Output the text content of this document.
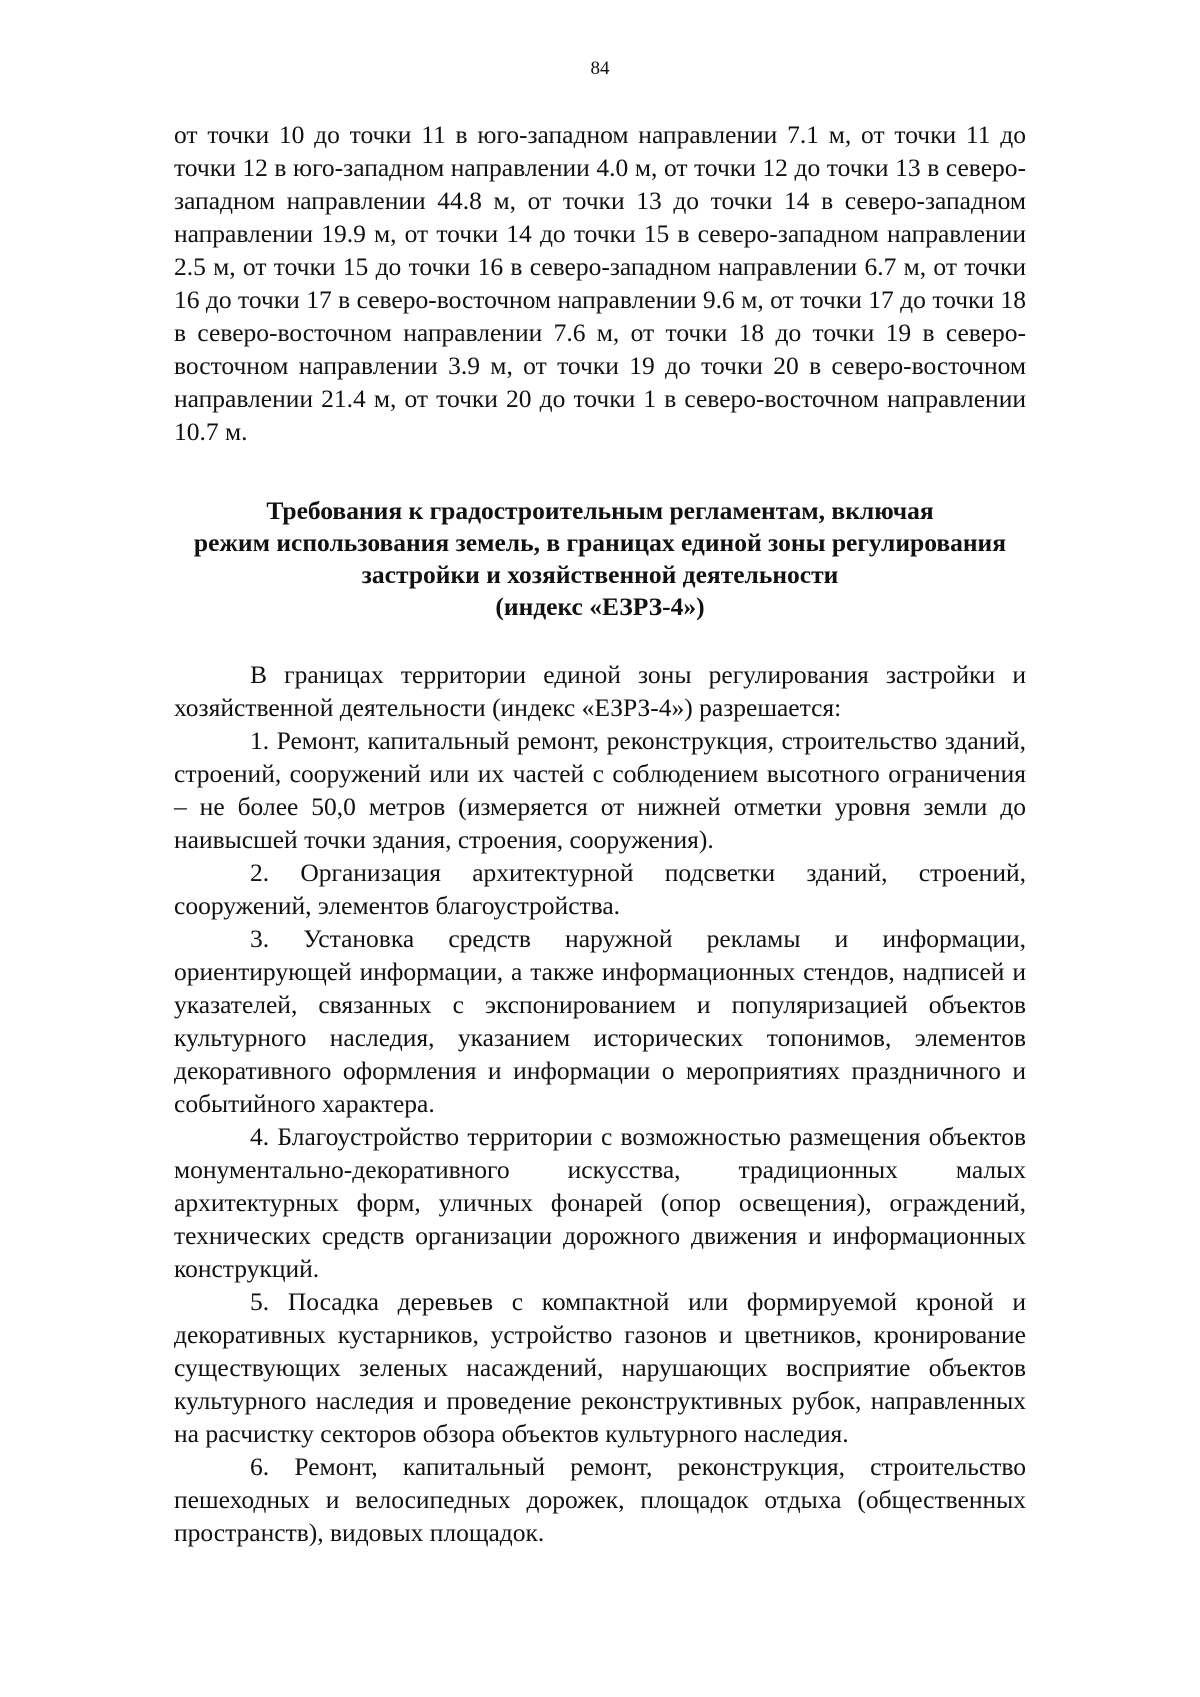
84

от точки 10 до точки 11 в юго-западном направлении 7.1 м, от точки 11 до точки 12 в юго-западном направлении 4.0 м, от точки 12 до точки 13 в северо-западном направлении 44.8 м, от точки 13 до точки 14 в северо-западном направлении 19.9 м, от точки 14 до точки 15 в северо-западном направлении 2.5 м, от точки 15 до точки 16 в северо-западном направлении 6.7 м, от точки 16 до точки 17 в северо-восточном направлении 9.6 м, от точки 17 до точки 18 в северо-восточном направлении 7.6 м, от точки 18 до точки 19 в северо-восточном направлении 3.9 м, от точки 19 до точки 20 в северо-восточном направлении 21.4 м, от точки 20 до точки 1 в северо-восточном направлении 10.7 м.

Требования к градостроительным регламентам, включая
режим использования земель, в границах единой зоны регулирования
застройки и хозяйственной деятельности
(индекс «ЕЗРЗ-4»)

В границах территории единой зоны регулирования застройки и хозяйственной деятельности (индекс «ЕЗРЗ-4») разрешается:

1. Ремонт, капитальный ремонт, реконструкция, строительство зданий, строений, сооружений или их частей с соблюдением высотного ограничения – не более 50,0 метров (измеряется от нижней отметки уровня земли до наивысшей точки здания, строения, сооружения).

2. Организация архитектурной подсветки зданий, строений, сооружений, элементов благоустройства.

3. Установка средств наружной рекламы и информации, ориентирующей информации, а также информационных стендов, надписей и указателей, связанных с экспонированием и популяризацией объектов культурного наследия, указанием исторических топонимов, элементов декоративного оформления и информации о мероприятиях праздничного и событийного характера.

4. Благоустройство территории с возможностью размещения объектов монументально-декоративного искусства, традиционных малых архитектурных форм, уличных фонарей (опор освещения), ограждений, технических средств организации дорожного движения и информационных конструкций.

5. Посадка деревьев с компактной или формируемой кроной и декоративных кустарников, устройство газонов и цветников, кронирование существующих зеленых насаждений, нарушающих восприятие объектов культурного наследия и проведение реконструктивных рубок, направленных на расчистку секторов обзора объектов культурного наследия.

6. Ремонт, капитальный ремонт, реконструкция, строительство пешеходных и велосипедных дорожек, площадок отдыха (общественных пространств), видовых площадок.
